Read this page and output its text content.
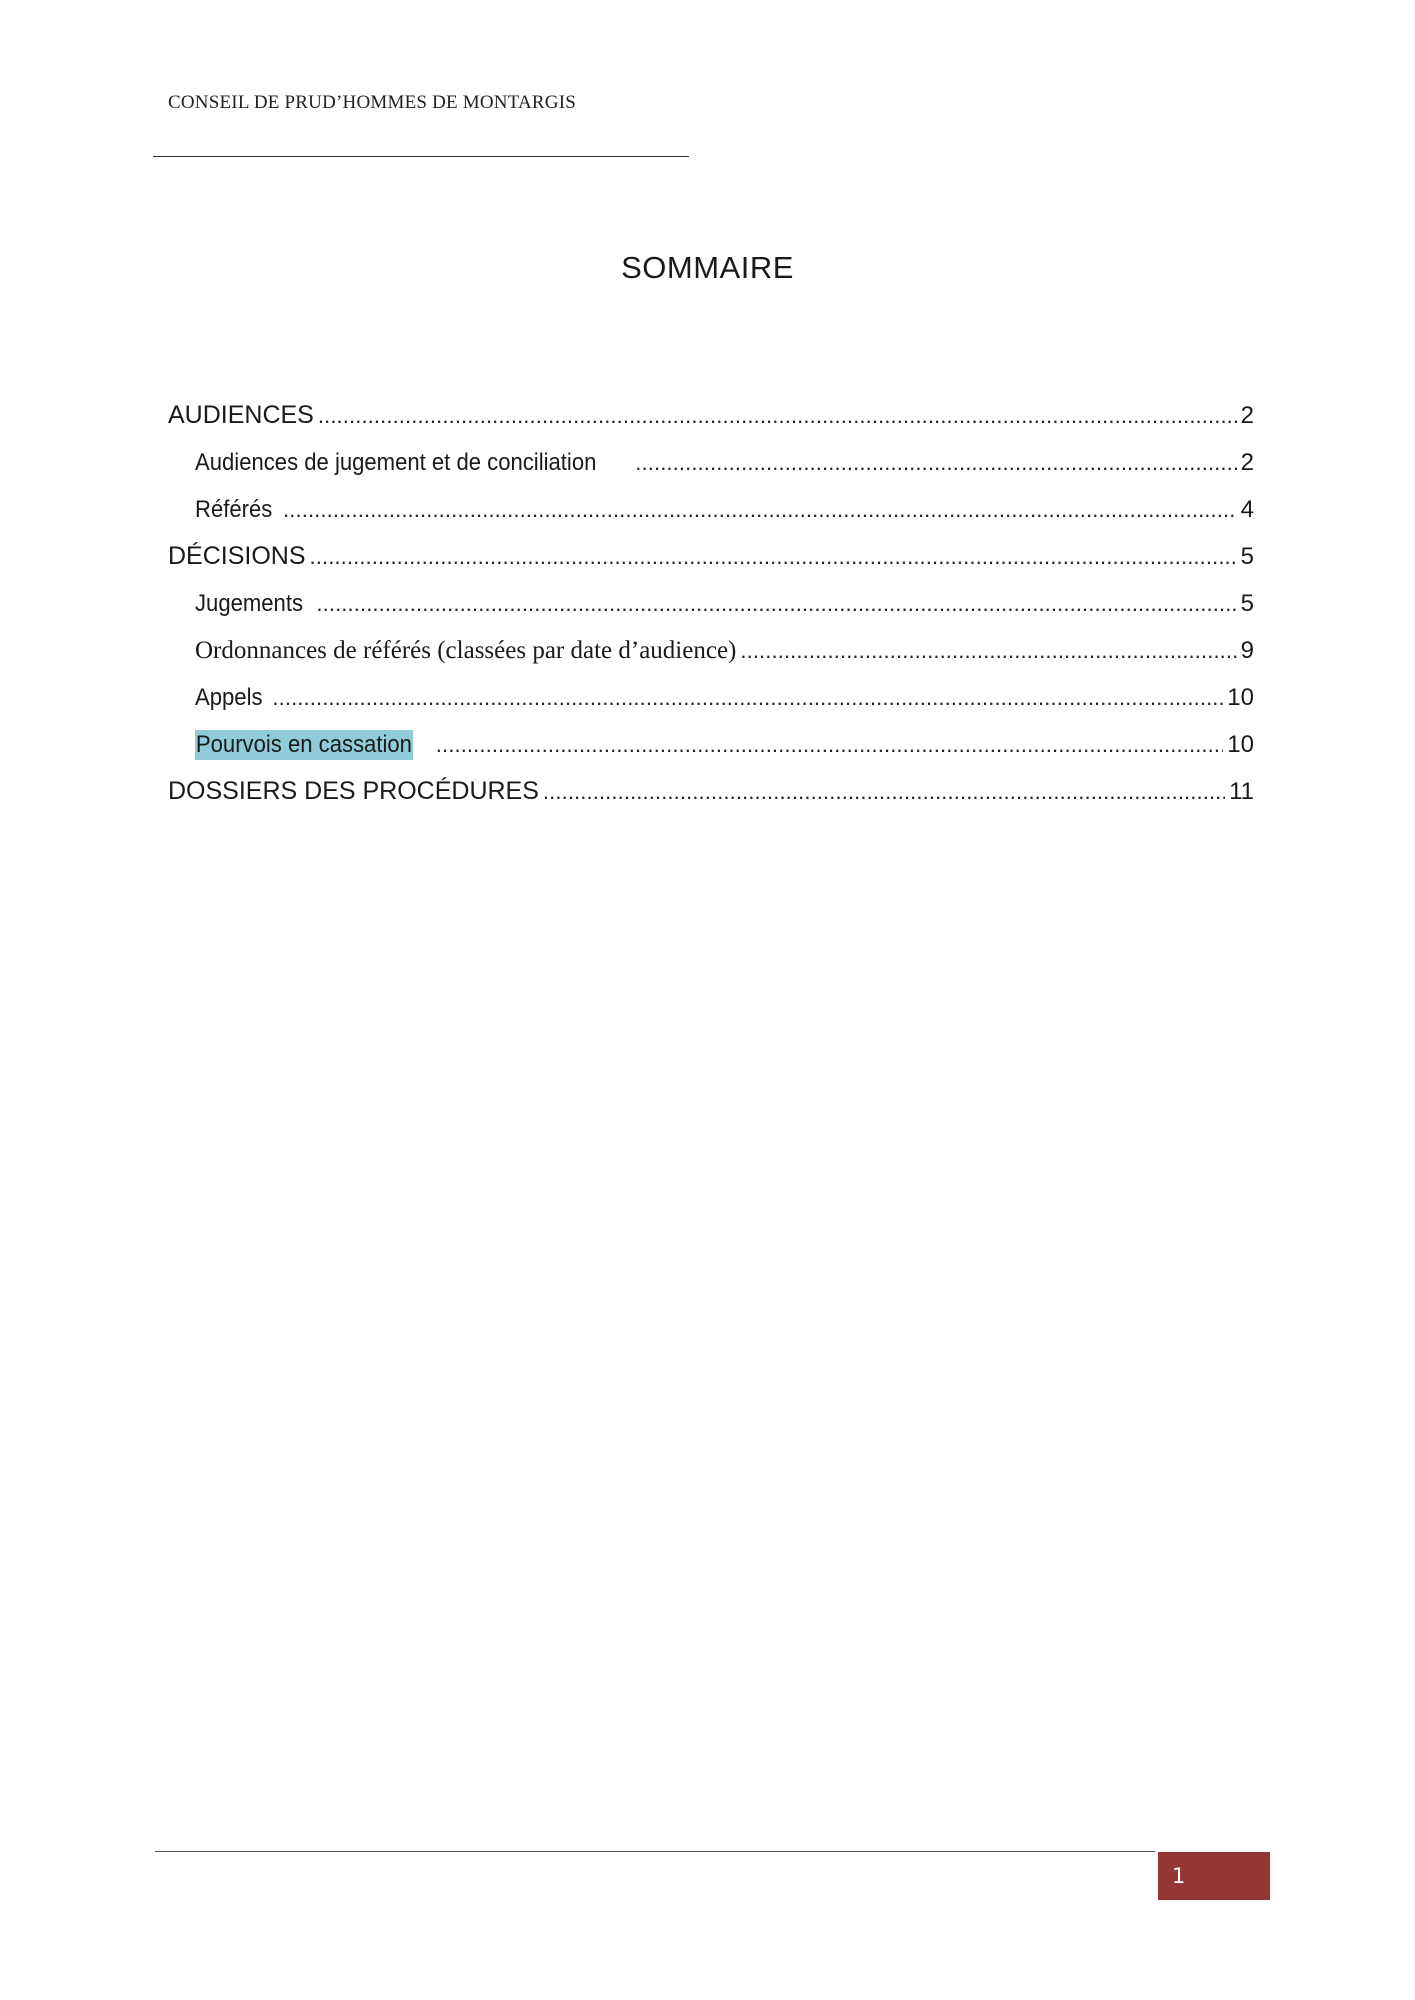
CONSEIL DE PRUD’HOMMES DE MONTARGIS
SOMMAIRE
AUDIENCES . . .	2
Audiences de jugement et de conciliation . . .	2
Référés . . .	4
DÉCISIONS . . .	5
Jugements . . .	5
Ordonnances de référés (classées par date d’audience) . . .	9
Appels . . .	10
Pourvois en cassation . . .	10
DOSSIERS DES PROCÉDURES . . .	11
1
